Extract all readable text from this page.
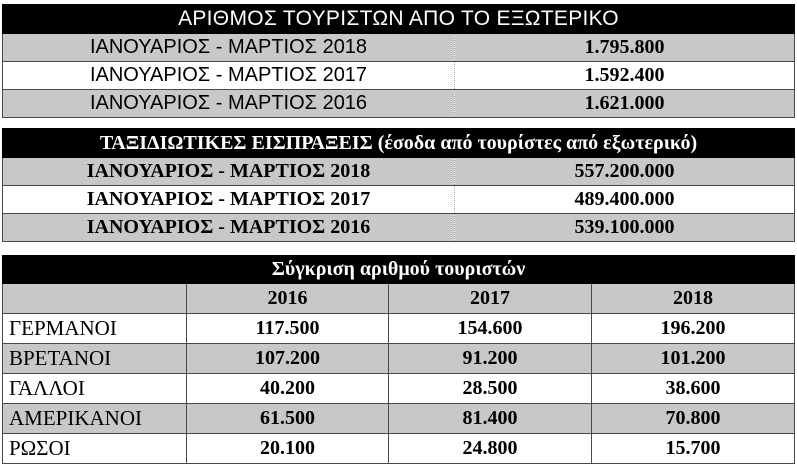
ΑΡΙΘΜΟΣ ΤΟΥΡΙΣΤΩΝ ΑΠΟ ΤΟ ΕΞΩΤΕΡΙΚΟ	
ΙΑΝΟΥΑΡΙΟΣ - ΜΑΡΤΙΟΣ 2018	1.795.800
ΙΑΝΟΥΑΡΙΟΣ - ΜΑΡΤΙΟΣ 2017	1.592.400
ΙΑΝΟΥΑΡΙΟΣ - ΜΑΡΤΙΟΣ 2016	1.621.000
ΤΑΞΙΔΙΩΤΙΚΕΣ ΕΙΣΠΡΑΞΕΙΣ (έσοδα από τουρίστες από εξωτερικό)	
ΙΑΝΟΥΑΡΙΟΣ - ΜΑΡΤΙΟΣ 2018	557.200.000
ΙΑΝΟΥΑΡΙΟΣ - ΜΑΡΤΙΟΣ 2017	489.400.000
ΙΑΝΟΥΑΡΙΟΣ - ΜΑΡΤΙΟΣ 2016	539.100.000
Σύγκριση αριθμού τουριστών			
	2016	2017	2018
ΓΕΡΜΑΝΟΙ	117.500	154.600	196.200
ΒΡΕΤΑΝΟΙ	107.200	91.200	101.200
ΓΑΛΛΟΙ	40.200	28.500	38.600
ΑΜΕΡΙΚΑΝΟΙ	61.500	81.400	70.800
ΡΩΣΟΙ	20.100	24.800	15.700
